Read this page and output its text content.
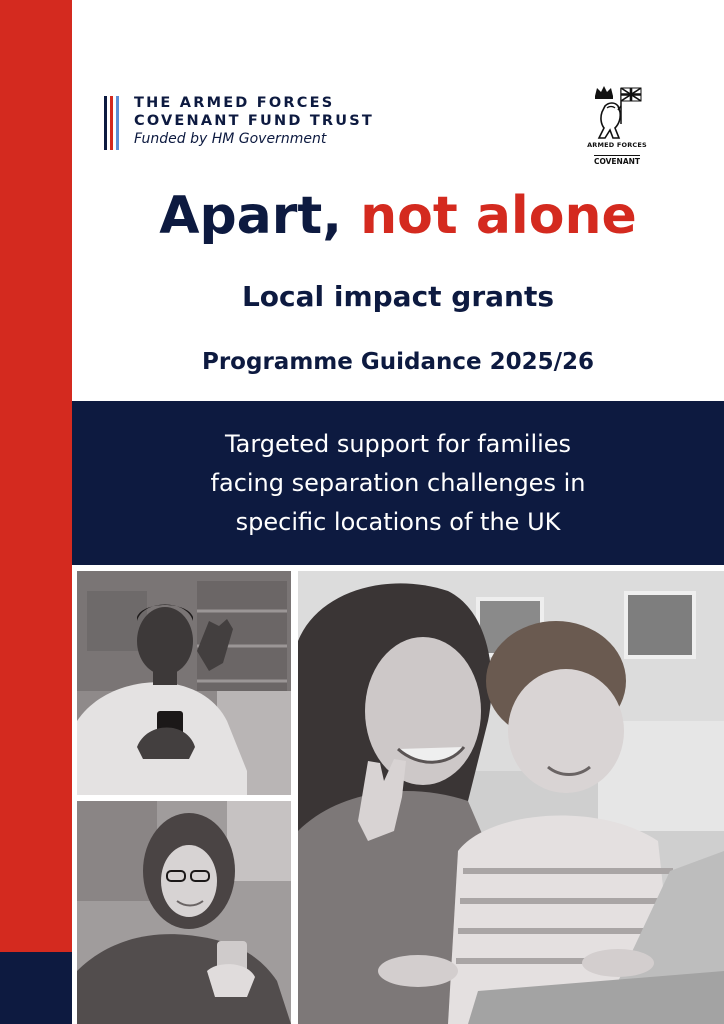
THE ARMED FORCES
COVENANT FUND TRUST
Funded by HM Government	ARMED FORCES
COVENANT
Apart, not alone
Local impact grants
Programme Guidance 2025/26
Targeted support for families
facing separation challenges in
specific locations of the UK
